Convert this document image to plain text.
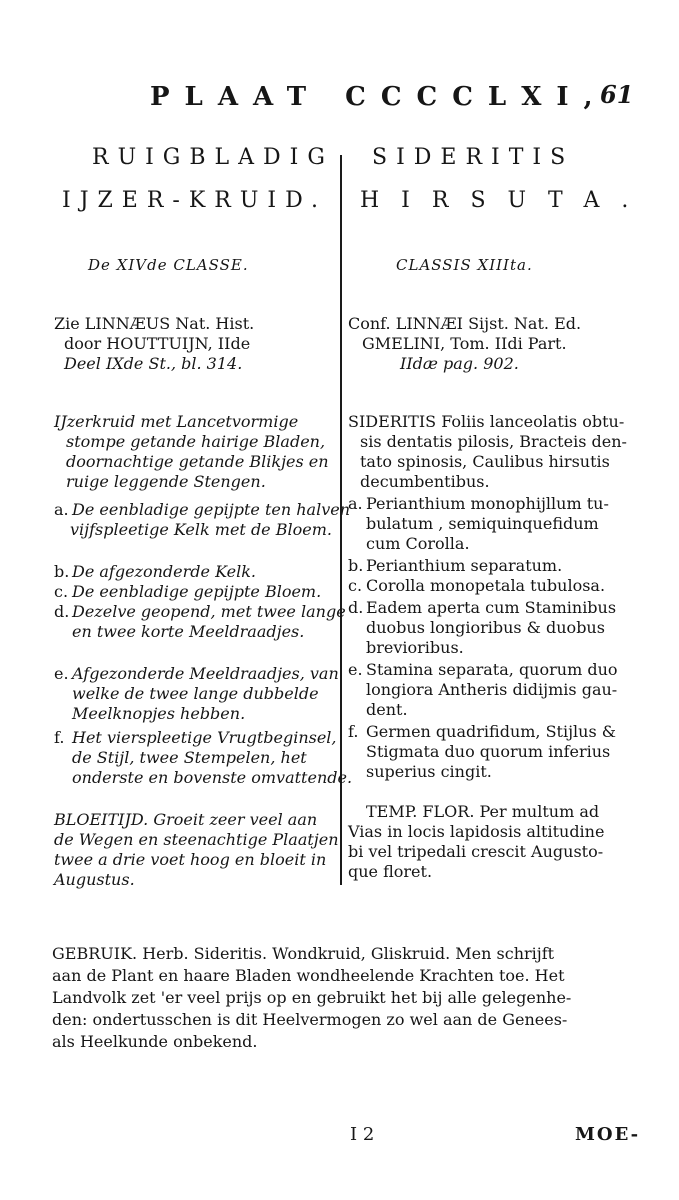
PLAAT CCCCLXI,
61
RUIGBLADIG
IJZER-KRUID.
De XIVde CLASSE.
Zie LINNÆUS Nat. Hist.
door HOUTTUIJN, IIde
Deel IXde St., bl. 314.
IJzerkruid met Lancetvormige
stompe getande hairige Bladen,
doornachtige getande Blikjes en
ruige leggende Stengen.
a. De eenbladige gepijpte ten halven
vijfspleetige Kelk met de Bloem.
b. De afgezonderde Kelk.
c. De eenbladige gepijpte Bloem.
d. Dezelve geopend, met twee lange
en twee korte Meeldraadjes.
e. Afgezonderde Meeldraadjes, van
welke de twee lange dubbelde
Meelknopjes hebben.
f. Het vierspleetige Vrugtbeginsel,
de Stijl, twee Stempelen, het
onderste en bovenste omvattende.
BLOEITIJD. Groeit zeer veel aan
de Wegen en steenachtige Plaatjen
twee a drie voet hoog en bloeit in
Augustus.
SIDERITIS
HIRSUTA.
CLASSIS XIIIta.
Conf. LINNÆI Sijst. Nat. Ed.
GMELINI, Tom. IIdi Part.
IIdæ pag. 902.
SIDERITIS Foliis lanceolatis obtu-
sis dentatis pilosis, Bracteis den-
tato spinosis, Caulibus hirsutis
decumbentibus.
a. Perianthium monophijllum tu-
bulatum , semiquinquefidum
cum Corolla.
b. Perianthium separatum.
c. Corolla monopetala tubulosa.
d. Eadem aperta cum Staminibus
duobus longioribus & duobus
brevioribus.
e. Stamina separata, quorum duo
longiora Antheris didijmis gau-
dent.
f. Germen quadrifidum, Stijlus &
Stigmata duo quorum inferius
superius cingit.
TEMP. FLOR. Per multum ad
Vias in locis lapidosis altitudine
bi vel tripedali crescit Augusto-
que floret.
GEBRUIK. Herb. Sideritis. Wondkruid, Gliskruid. Men schrijft
aan de Plant en haare Bladen wondheelende Krachten toe. Het
Landvolk zet 'er veel prijs op en gebruikt het bij alle gelegenhe-
den: ondertusschen is dit Heelvermogen zo wel aan de Genees-
als Heelkunde onbekend.
I 2	MOE-
